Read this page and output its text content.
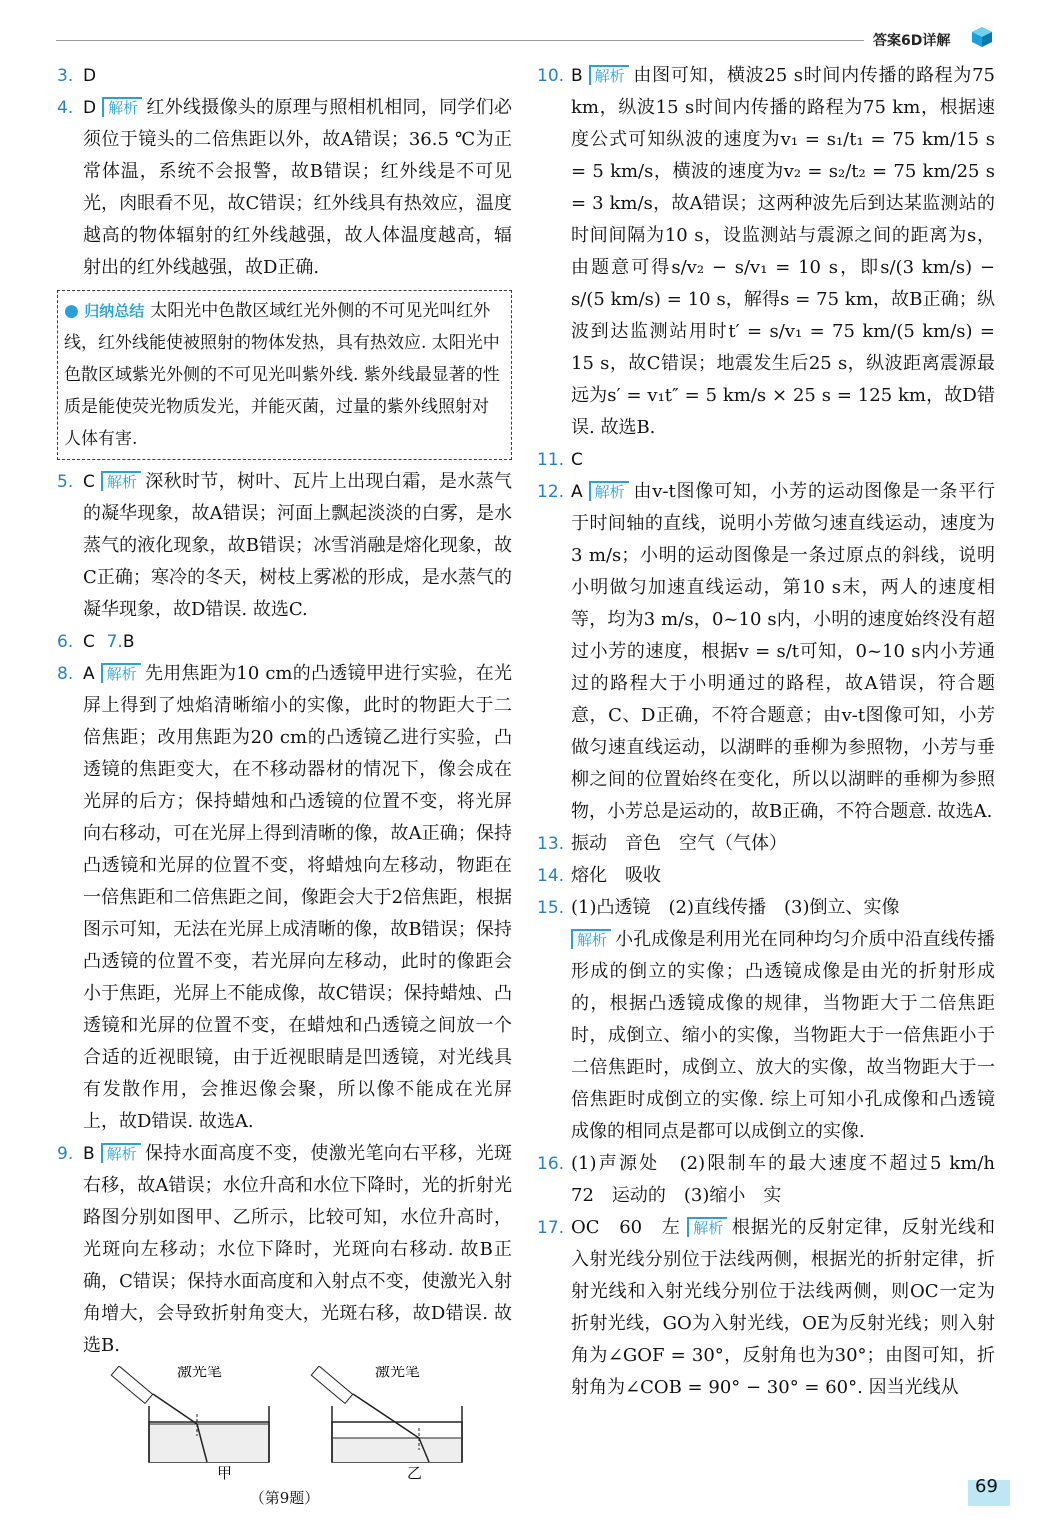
答案6D详解
3. D
4. D 解析 红外线摄像头的原理与照相机相同，同学们必须位于镜头的二倍焦距以外，故A错误；36.5 ℃为正常体温，系统不会报警，故B错误；红外线是不可见光，肉眼看不见，故C错误；红外线具有热效应，温度越高的物体辐射的红外线越强，故人体温度越高，辐射出的红外线越强，故D正确.
● 归纳总结 太阳光中色散区域红光外侧的不可见光叫红外线，红外线能使被照射的物体发热，具有热效应. 太阳光中色散区域紫光外侧的不可见光叫紫外线. 紫外线最显著的性质是能使荧光物质发光，并能灭菌，过量的紫外线照射对人体有害.
5. C 解析 深秋时节，树叶、瓦片上出现白霜，是水蒸气的凝华现象，故A错误；河面上飘起淡淡的白雾，是水蒸气的液化现象，故B错误；冰雪消融是熔化现象，故C正确；寒冷的冬天，树枝上雾凇的形成，是水蒸气的凝华现象，故D错误. 故选C.
6. C 7.B
8. A 解析 先用焦距为10 cm的凸透镜甲进行实验，在光屏上得到了烛焰清晰缩小的实像，此时的物距大于二倍焦距；改用焦距为20 cm的凸透镜乙进行实验，凸透镜的焦距变大，在不移动器材的情况下，像会成在光屏的后方；保持蜡烛和凸透镜的位置不变，将光屏向右移动，可在光屏上得到清晰的像，故A正确；保持凸透镜和光屏的位置不变，将蜡烛向左移动，物距在一倍焦距和二倍焦距之间，像距会大于2倍焦距，根据图示可知，无法在光屏上成清晰的像，故B错误；保持凸透镜的位置不变，若光屏向左移动，此时的像距会小于焦距，光屏上不能成像，故C错误；保持蜡烛、凸透镜和光屏的位置不变，在蜡烛和凸透镜之间放一个合适的近视眼镜，由于近视眼睛是凹透镜，对光线具有发散作用，会推迟像会聚，所以像不能成在光屏上，故D错误. 故选A.
9. B 解析 保持水面高度不变，使激光笔向右平移，光斑右移，故A错误；水位升高和水位下降时，光的折射光路图分别如图甲、乙所示，比较可知，水位升高时，光斑向左移动；水位下降时，光斑向右移动. 故B正确，C错误；保持水面高度和入射点不变，使激光入射角增大，会导致折射角变大，光斑右移，故D错误. 故选B.
激光笔
甲
激光笔
乙
（第9题）
10. B 解析 由图可知，横波25 s时间内传播的路程为75 km，纵波15 s时间内传播的路程为75 km，根据速度公式可知纵波的速度为v₁ = s₁/t₁ = 75 km/15 s = 5 km/s，横波的速度为v₂ = s₂/t₂ = 75 km/25 s = 3 km/s，故A错误；这两种波先后到达某监测站的时间间隔为10 s，设监测站与震源之间的距离为s，由题意可得s/v₂ − s/v₁ = 10 s，即s/(3 km/s) − s/(5 km/s) = 10 s，解得s = 75 km，故B正确；纵波到达监测站用时t′ = s/v₁ = 75 km/(5 km/s) = 15 s，故C错误；地震发生后25 s，纵波距离震源最远为s′ = v₁t″ = 5 km/s × 25 s = 125 km，故D错误. 故选B.
11. C
12. A 解析 由v-t图像可知，小芳的运动图像是一条平行于时间轴的直线，说明小芳做匀速直线运动，速度为3 m/s；小明的运动图像是一条过原点的斜线，说明小明做匀加速直线运动，第10 s末，两人的速度相等，均为3 m/s，0~10 s内，小明的速度始终没有超过小芳的速度，根据v = s/t可知，0~10 s内小芳通过的路程大于小明通过的路程，故A错误，符合题意，C、D正确，不符合题意；由v-t图像可知，小芳做匀速直线运动，以湖畔的垂柳为参照物，小芳与垂柳之间的位置始终在变化，所以以湖畔的垂柳为参照物，小芳总是运动的，故B正确，不符合题意. 故选A.
13. 振动　音色　空气（气体）
14. 熔化　吸收
15. (1)凸透镜　(2)直线传播　(3)倒立、实像
解析 小孔成像是利用光在同种均匀介质中沿直线传播形成的倒立的实像；凸透镜成像是由光的折射形成的，根据凸透镜成像的规律，当物距大于二倍焦距时，成倒立、缩小的实像，当物距大于一倍焦距小于二倍焦距时，成倒立、放大的实像，故当物距大于一倍焦距时成倒立的实像. 综上可知小孔成像和凸透镜成像的相同点是都可以成倒立的实像.
16. (1)声源处　(2)限制车的最大速度不超过5 km/h　72　运动的　(3)缩小　实
17. OC　60　左 解析 根据光的反射定律，反射光线和入射光线分别位于法线两侧，根据光的折射定律，折射光线和入射光线分别位于法线两侧，则OC一定为折射光线，GO为入射光线，OE为反射光线；则入射角为∠GOF = 30°，反射角也为30°；由图可知，折射角为∠COB = 90° − 30° = 60°. 因当光线从
69
